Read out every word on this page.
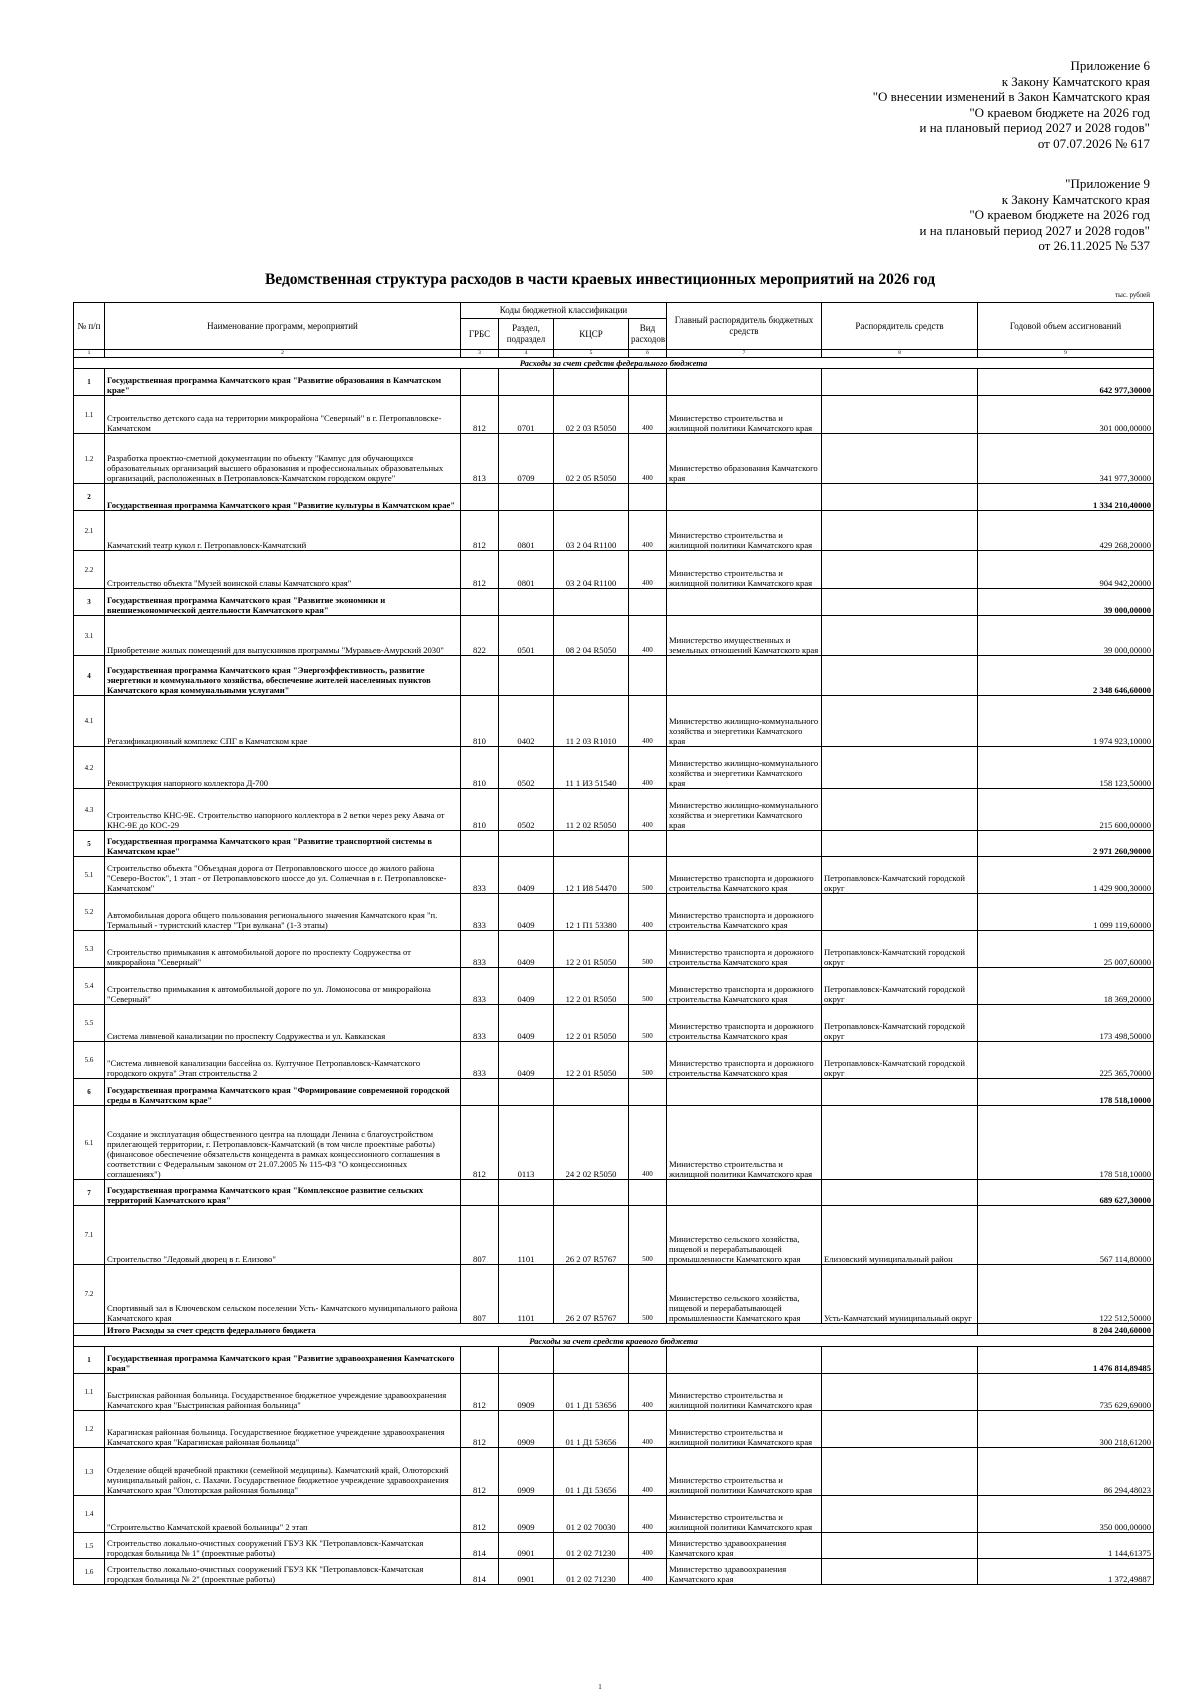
Приложение 6
к Закону Камчатского края
"О внесении изменений в Закон Камчатского края
"О краевом бюджете на 2026 год
и на плановый период 2027 и 2028 годов"
от 07.07.2026 № 617
"Приложение 9
к Закону Камчатского края
"О краевом бюджете на 2026 год
и на плановый период 2027 и 2028 годов"
от 26.11.2025 № 537
Ведомственная структура расходов в части краевых инвестиционных мероприятий на 2026 год
тыс. рублей
№ п/п	Наименование программ, мероприятий	Коды бюджетной классификации				Главный распорядитель бюджетных средств	Распорядитель средств	Годовой объем ассигнований
		ГРБС	Раздел, подраздел	КЦСР	Вид расходов			
1	2	3	4	5	6	7	8	9
Расходы за счет средств федерального бюджета								
1	Государственная программа Камчатского края "Развитие образования в Камчатском крае"							642 977,30000
1.1	Строительство детского сада на территории микрорайона "Северный" в г. Петропавловске-Камчатском	812	0701	02 2 03 R5050	400	Министерство строительства и жилищной политики Камчатского края		301 000,00000
1.2	Разработка проектно-сметной документации по объекту "Кампус для обучающихся образовательных организаций высшего образования и профессиональных образовательных организаций, расположенных в Петропавловск-Камчатском городском округе"	813	0709	02 2 05 R5050	400	Министерство образования Камчатского края		341 977,30000
2	Государственная программа Камчатского края "Развитие культуры в Камчатском крае"							1 334 210,40000
2.1	Камчатский театр кукол г. Петропавловск-Камчатский	812	0801	03 2 04 R1100	400	Министерство строительства и жилищной политики Камчатского края		429 268,20000
2.2	Строительство объекта "Музей воинской славы Камчатского края"	812	0801	03 2 04 R1100	400	Министерство строительства и жилищной политики Камчатского края		904 942,20000
3	Государственная программа Камчатского края "Развитие экономики и внешнеэкономической деятельности Камчатского края"							39 000,00000
3.1	Приобретение жилых помещений для выпускников программы "Муравьев-Амурский 2030"	822	0501	08 2 04 R5050	400	Министерство имущественных и земельных отношений Камчатского края		39 000,00000
4	Государственная программа Камчатского края "Энергоэффективность, развитие энергетики и коммунального хозяйства, обеспечение жителей населенных пунктов Камчатского края коммунальными услугами"							2 348 646,60000
4.1	Регазификационный комплекс СПГ в Камчатском крае	810	0402	11 2 03 R1010	400	Министерство жилищно-коммунального хозяйства и энергетики Камчатского края		1 974 923,10000
4.2	Реконструкция напорного коллектора Д-700	810	0502	11 1 И3 51540	400	Министерство жилищно-коммунального хозяйства и энергетики Камчатского края		158 123,50000
4.3	Строительство КНС-9Е. Строительство напорного коллектора в 2 ветки через реку Авача от КНС-9Е до КОС-29	810	0502	11 2 02 R5050	400	Министерство жилищно-коммунального хозяйства и энергетики Камчатского края		215 600,00000
5	Государственная программа Камчатского края "Развитие транспортной системы в Камчатском крае"							2 971 260,90000
5.1	Строительство объекта "Объездная дорога от Петропавловского шоссе до жилого района "Северо-Восток", 1 этап - от Петропавловского шоссе до ул. Солнечная в г. Петропавловске-Камчатском"	833	0409	12 1 И8 54470	500	Министерство транспорта и дорожного строительства Камчатского края	Петропавловск-Камчатский городской округ	1 429 900,30000
5.2	Автомобильная дорога общего пользования регионального значения Камчатского края "п. Термальный - туристский кластер "Три вулкана" (1-3 этапы)	833	0409	12 1 П1 53380	400	Министерство транспорта и дорожного строительства Камчатского края		1 099 119,60000
5.3	Строительство примыкания к автомобильной дороге по проспекту Содружества от микрорайона "Северный"	833	0409	12 2 01 R5050	500	Министерство транспорта и дорожного строительства Камчатского края	Петропавловск-Камчатский городской округ	25 007,60000
5.4	Строительство примыкания к автомобильной дороге по ул. Ломоносова от микрорайона "Северный"	833	0409	12 2 01 R5050	500	Министерство транспорта и дорожного строительства Камчатского края	Петропавловск-Камчатский городской округ	18 369,20000
5.5	Система ливневой канализации по проспекту Содружества и ул. Кавказская	833	0409	12 2 01 R5050	500	Министерство транспорта и дорожного строительства Камчатского края	Петропавловск-Камчатский городской округ	173 498,50000
5.6	"Система ливневой канализации бассейна оз. Култучное Петропавловск-Камчатского городского округа" Этап строительства 2	833	0409	12 2 01 R5050	500	Министерство транспорта и дорожного строительства Камчатского края	Петропавловск-Камчатский городской округ	225 365,70000
6	Государственная программа Камчатского края "Формирование современной городской среды в Камчатском крае"							178 518,10000
6.1	Создание и эксплуатация общественного центра на площади Ленина с благоустройством прилегающей территории, г. Петропавловск-Камчатский (в том числе проектные работы) (финансовое обеспечение обязательств концедента в рамках концессионного соглашения в соответствии с Федеральным законом от 21.07.2005 № 115-ФЗ "О концессионных соглашениях")	812	0113	24 2 02 R5050	400	Министерство строительства и жилищной политики Камчатского края		178 518,10000
7	Государственная программа Камчатского края "Комплексное развитие сельских территорий Камчатского края"							689 627,30000
7.1	Строительство "Ледовый дворец в г. Елизово"	807	1101	26 2 07 R5767	500	Министерство сельского хозяйства, пищевой и перерабатывающей промышленности Камчатского края	Елизовский муниципальный район	567 114,80000
7.2	Спортивный зал в Ключевском сельском поселении Усть- Камчатского муниципального района Камчатского края	807	1101	26 2 07 R5767	500	Министерство сельского хозяйства, пищевой и перерабатывающей промышленности Камчатского края	Усть-Камчатский муниципальный округ	122 512,50000
	Итого Расходы за счет средств федерального бюджета							8 204 240,60000
Расходы за счет средств краевого бюджета								
1	Государственная программа Камчатского края "Развитие здравоохранения Камчатского края"							1 476 814,89485
1.1	Быстринская районная больница. Государственное бюджетное учреждение здравоохранения Камчатского края "Быстринская районная больница"	812	0909	01 1 Д1 53656	400	Министерство строительства и жилищной политики Камчатского края		735 629,69000
1.2	Карагинская районная больница. Государственное бюджетное учреждение здравоохранения Камчатского края "Карагинская районная больница"	812	0909	01 1 Д1 53656	400	Министерство строительства и жилищной политики Камчатского края		300 218,61200
1.3	Отделение общей врачебной практики (семейной медицины). Камчатский край, Олюторский муниципальный район, с. Пахачи. Государственное бюджетное учреждение здравоохранения Камчатского края "Олюторская районная больница"	812	0909	01 1 Д1 53656	400	Министерство строительства и жилищной политики Камчатского края		86 294,48023
1.4	"Строительство Камчатской краевой больницы" 2 этап	812	0909	01 2 02 70030	400	Министерство строительства и жилищной политики Камчатского края		350 000,00000
1.5	Строительство локально-очистных сооружений ГБУЗ КК "Петропавловск-Камчатская городская больница № 1" (проектные работы)	814	0901	01 2 02 71230	400	Министерство здравоохранения Камчатского края		1 144,61375
1.6	Строительство локально-очистных сооружений ГБУЗ КК "Петропавловск-Камчатская городская больница № 2" (проектные работы)	814	0901	01 2 02 71230	400	Министерство здравоохранения Камчатского края		1 372,49887
1
